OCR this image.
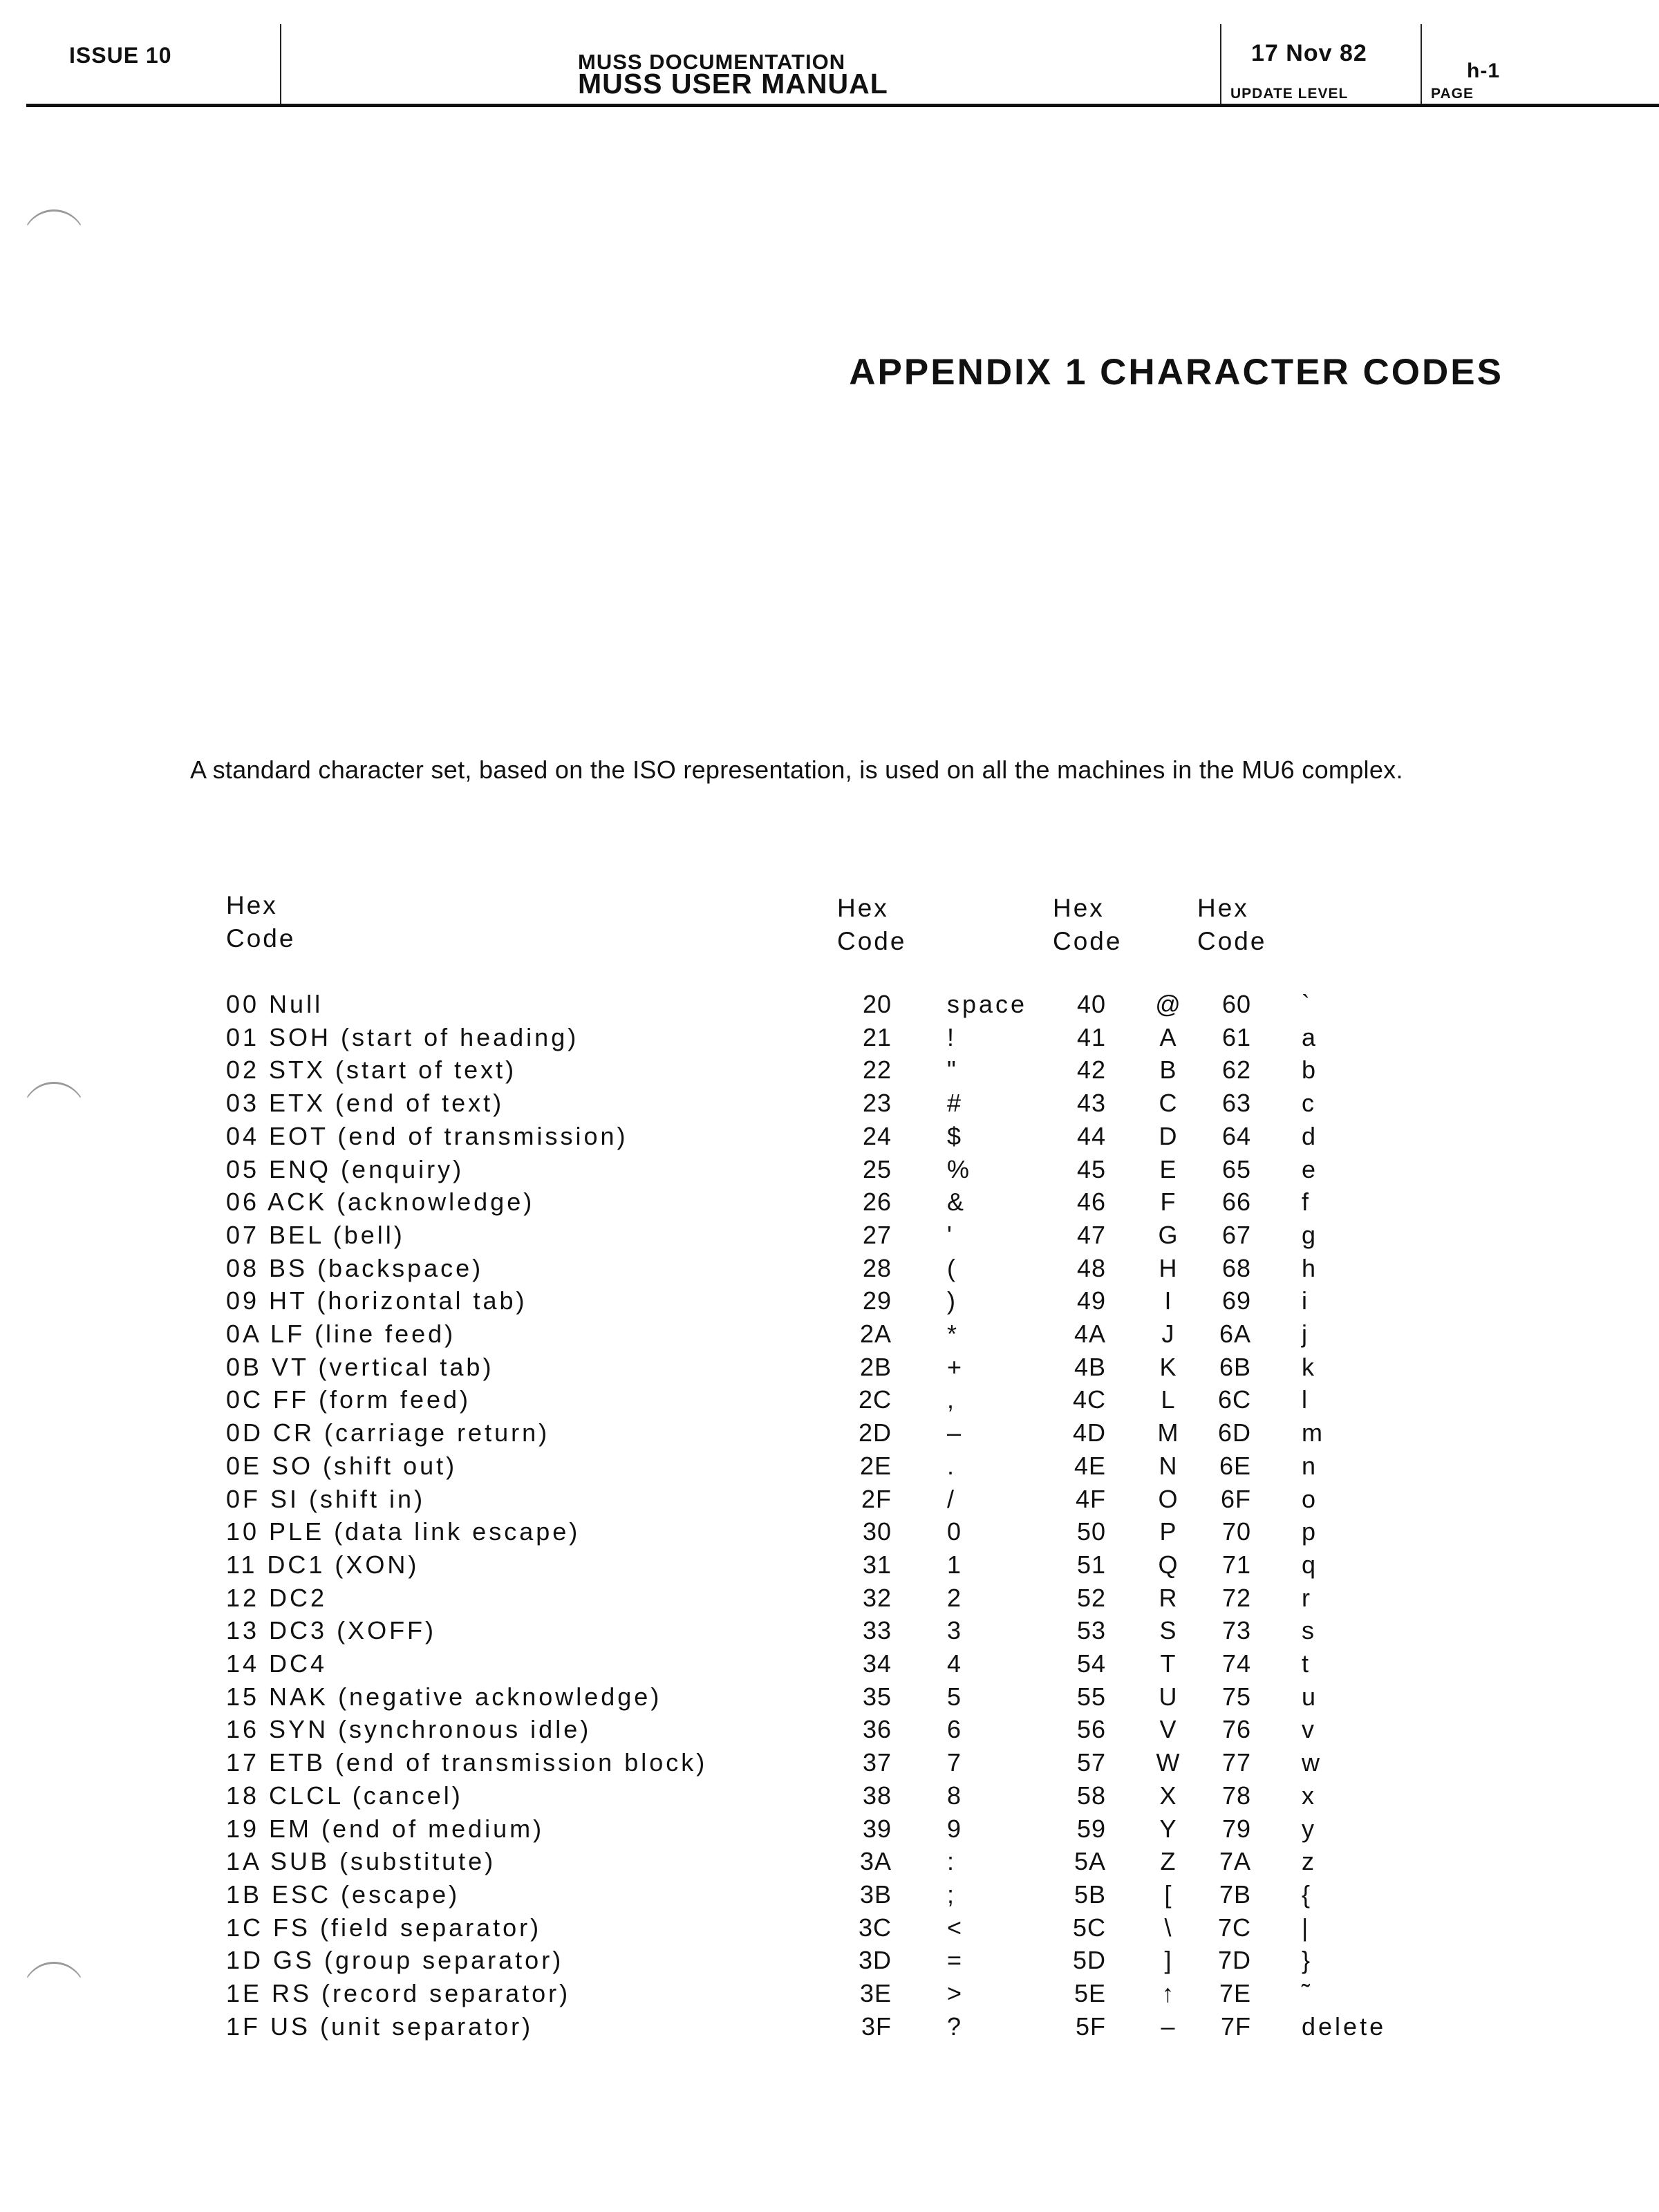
ISSUE 10	MUSS DOCUMENTATION
MUSS USER MANUAL
17 Nov 82
UPDATE LEVEL
h-1
PAGE
APPENDIX 1 CHARACTER CODES
A standard character set, based on the ISO representation, is used on all the machines in the MU6 complex.
Hex
Code
Hex
Code
Hex
Code
Hex
Code
00 Null	20 space	40	@	60 `
01 SOH (start of heading)	21 !	41	A	61 a
02 STX (start of text)	22 "	42	B	62 b
03 ETX (end of text)	23 #	43	C	63 c
04 EOT (end of transmission)	24 $	44	D	64 d
05 ENQ (enquiry)	25 %	45	E	65 e
06 ACK (acknowledge)	26 &	46	F	66 f
07 BEL (bell)	27 '	47	G	67 g
08 BS (backspace)	28 (	48	H	68 h
09 HT (horizontal tab)	29 )	49	I	69 i
0A LF (line feed)	2A *	4A	J	6A j
0B VT (vertical tab)	2B +	4B	K	6B k
0C FF (form feed)	2C ,	4C	L	6C l
0D CR (carriage return)	2D –	4D	M	6D m
0E SO (shift out)	2E .	4E	N	6E n
0F SI (shift in)	2F /	4F	O	6F o
10 PLE (data link escape)	30 0	50	P	70 p
11 DC1 (XON)	31 1	51	Q	71 q
12 DC2	32 2	52	R	72 r
13 DC3 (XOFF)	33 3	53	S	73 s
14 DC4	34 4	54	T	74 t
15 NAK (negative acknowledge)	35 5	55	U	75 u
16 SYN (synchronous idle)	36 6	56	V	76 v
17 ETB (end of transmission block)	37 7	57	W	77 w
18 CLCL (cancel)	38 8	58	X	78 x
19 EM (end of medium)	39 9	59	Y	79 y
1A SUB (substitute)	3A :	5A	Z	7A z
1B ESC (escape)	3B ;	5B	[	7B {
1C FS (field separator)	3C <	5C	\	7C |
1D GS (group separator)	3D =	5D	]	7D }
1E RS (record separator)	3E >	5E	↑	7E ˜
1F US (unit separator)	3F ?	5F	–	7F delete
